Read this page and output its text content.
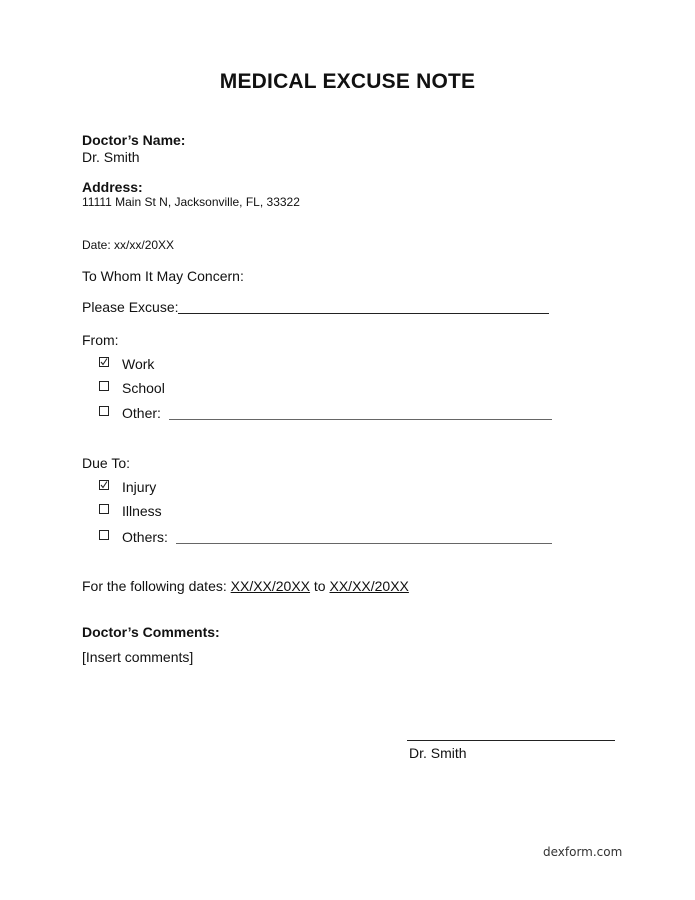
MEDICAL EXCUSE NOTE
Doctor’s Name:
Dr. Smith
Address:
11111 Main St N, Jacksonville, FL, 33322
Date: xx/xx/20XX
To Whom It May Concern:
Please Excuse:
From:
Work
School
Other:
Due To:
Injury
Illness
Others:
For the following dates: XX/XX/20XX to XX/XX/20XX
Doctor’s Comments:
[Insert comments]
Dr. Smith
dexform.com
